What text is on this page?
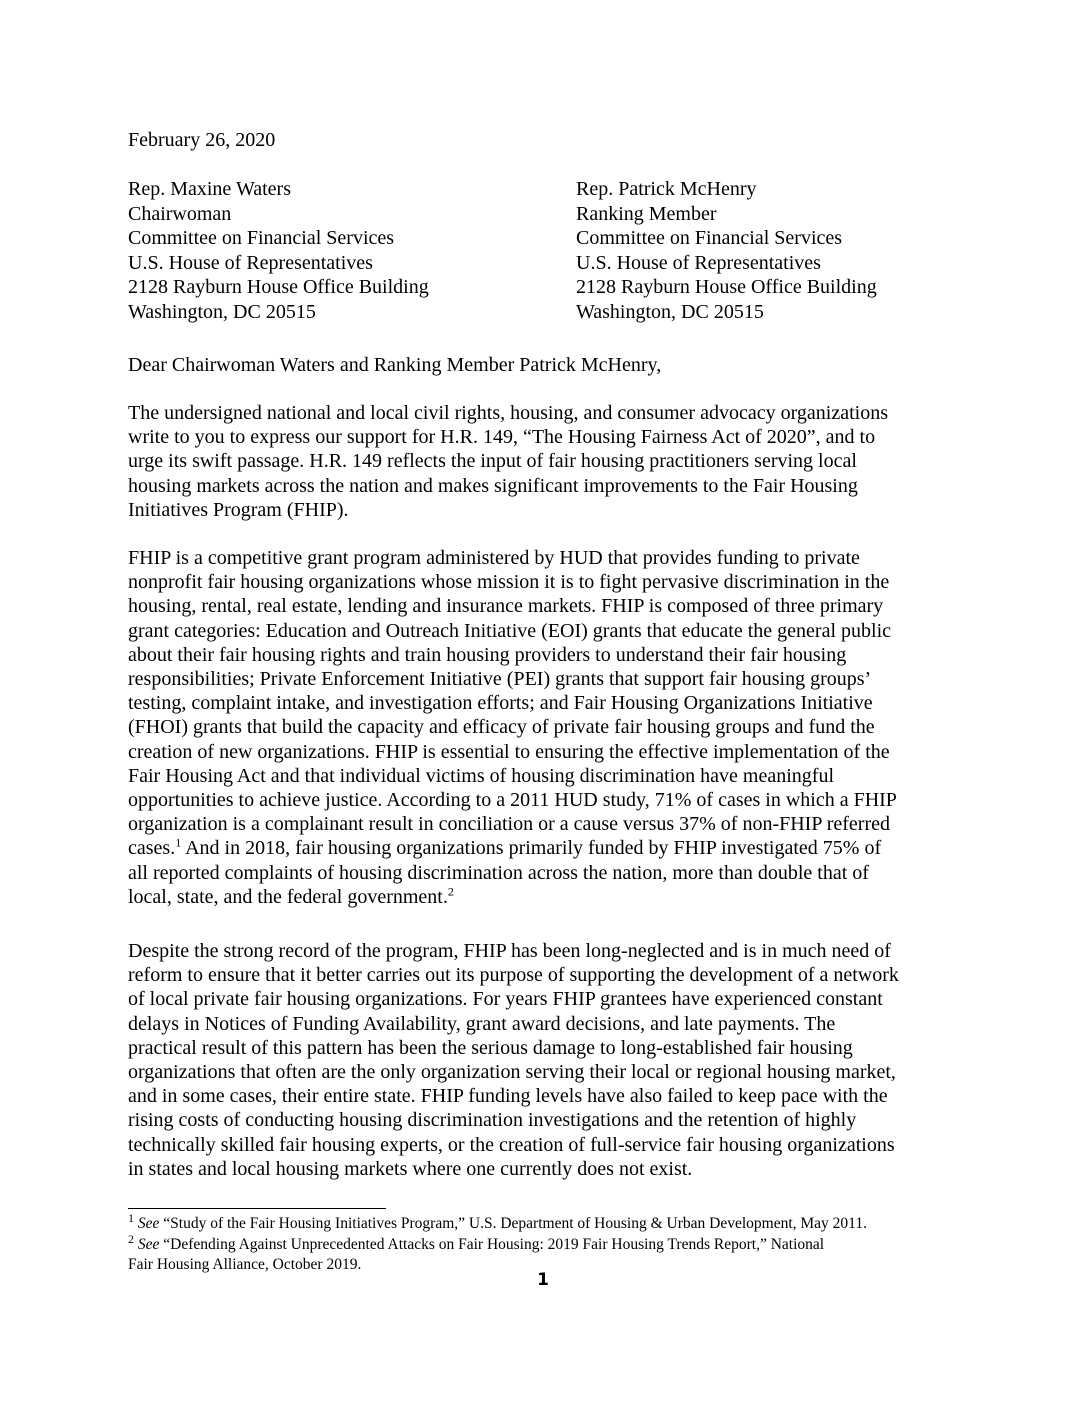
February 26, 2020
Rep. Maxine Waters
Chairwoman
Committee on Financial Services
U.S. House of Representatives
2128 Rayburn House Office Building
Washington, DC 20515
Rep. Patrick McHenry
Ranking Member
Committee on Financial Services
U.S. House of Representatives
2128 Rayburn House Office Building
Washington, DC 20515
Dear Chairwoman Waters and Ranking Member Patrick McHenry,
The undersigned national and local civil rights, housing, and consumer advocacy organizations
write to you to express our support for H.R. 149, “The Housing Fairness Act of 2020”, and to
urge its swift passage. H.R. 149 reflects the input of fair housing practitioners serving local
housing markets across the nation and makes significant improvements to the Fair Housing
Initiatives Program (FHIP).
FHIP is a competitive grant program administered by HUD that provides funding to private
nonprofit fair housing organizations whose mission it is to fight pervasive discrimination in the
housing, rental, real estate, lending and insurance markets. FHIP is composed of three primary
grant categories: Education and Outreach Initiative (EOI) grants that educate the general public
about their fair housing rights and train housing providers to understand their fair housing
responsibilities; Private Enforcement Initiative (PEI) grants that support fair housing groups’
testing, complaint intake, and investigation efforts; and Fair Housing Organizations Initiative
(FHOI) grants that build the capacity and efficacy of private fair housing groups and fund the
creation of new organizations. FHIP is essential to ensuring the effective implementation of the
Fair Housing Act and that individual victims of housing discrimination have meaningful
opportunities to achieve justice. According to a 2011 HUD study, 71% of cases in which a FHIP
organization is a complainant result in conciliation or a cause versus 37% of non-FHIP referred
cases.$^1$ And in 2018, fair housing organizations primarily funded by FHIP investigated 75% of
all reported complaints of housing discrimination across the nation, more than double that of
local, state, and the federal government.$^2$
Despite the strong record of the program, FHIP has been long-neglected and is in much need of
reform to ensure that it better carries out its purpose of supporting the development of a network
of local private fair housing organizations. For years FHIP grantees have experienced constant
delays in Notices of Funding Availability, grant award decisions, and late payments. The
practical result of this pattern has been the serious damage to long-established fair housing
organizations that often are the only organization serving their local or regional housing market,
and in some cases, their entire state. FHIP funding levels have also failed to keep pace with the
rising costs of conducting housing discrimination investigations and the retention of highly
technically skilled fair housing experts, or the creation of full-service fair housing organizations
in states and local housing markets where one currently does not exist.
$^1$ See “Study of the Fair Housing Initiatives Program,” U.S. Department of Housing & Urban Development, May 2011.
$^2$ See “Defending Against Unprecedented Attacks on Fair Housing: 2019 Fair Housing Trends Report,” National
Fair Housing Alliance, October 2019.
1
